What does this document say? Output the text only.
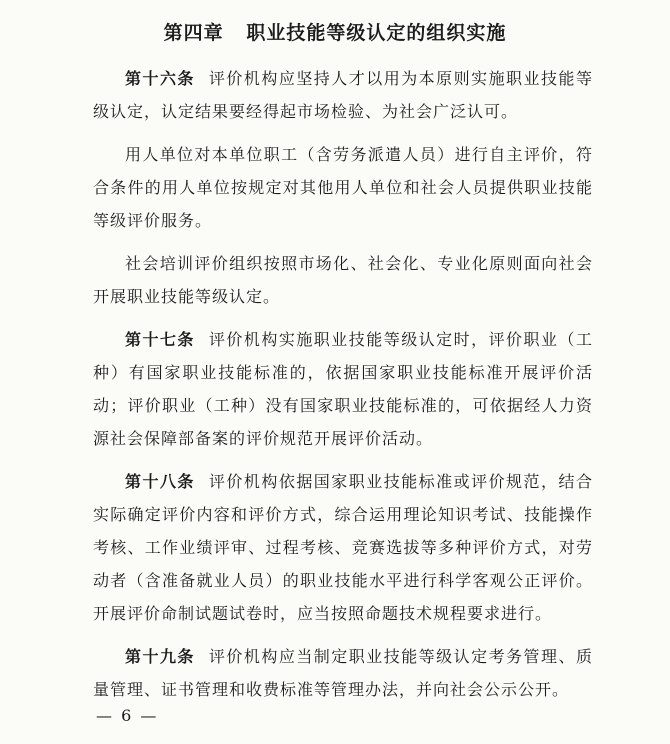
第四章   职业技能等级认定的组织实施

第十六条 评价机构应坚持人才以用为本原则实施职业技能等级认定，认定结果要经得起市场检验、为社会广泛认可。

用人单位对本单位职工（含劳务派遣人员）进行自主评价，符合条件的用人单位按规定对其他用人单位和社会人员提供职业技能等级评价服务。

社会培训评价组织按照市场化、社会化、专业化原则面向社会开展职业技能等级认定。

第十七条 评价机构实施职业技能等级认定时，评价职业（工种）有国家职业技能标准的，依据国家职业技能标准开展评价活动；评价职业（工种）没有国家职业技能标准的，可依据经人力资源社会保障部备案的评价规范开展评价活动。

第十八条 评价机构依据国家职业技能标准或评价规范，结合实际确定评价内容和评价方式，综合运用理论知识考试、技能操作考核、工作业绩评审、过程考核、竞赛选拔等多种评价方式，对劳动者（含准备就业人员）的职业技能水平进行科学客观公正评价。开展评价命制试题试卷时，应当按照命题技术规程要求进行。

第十九条 评价机构应当制定职业技能等级认定考务管理、质量管理、证书管理和收费标准等管理办法，并向社会公示公开。

— 6 —
